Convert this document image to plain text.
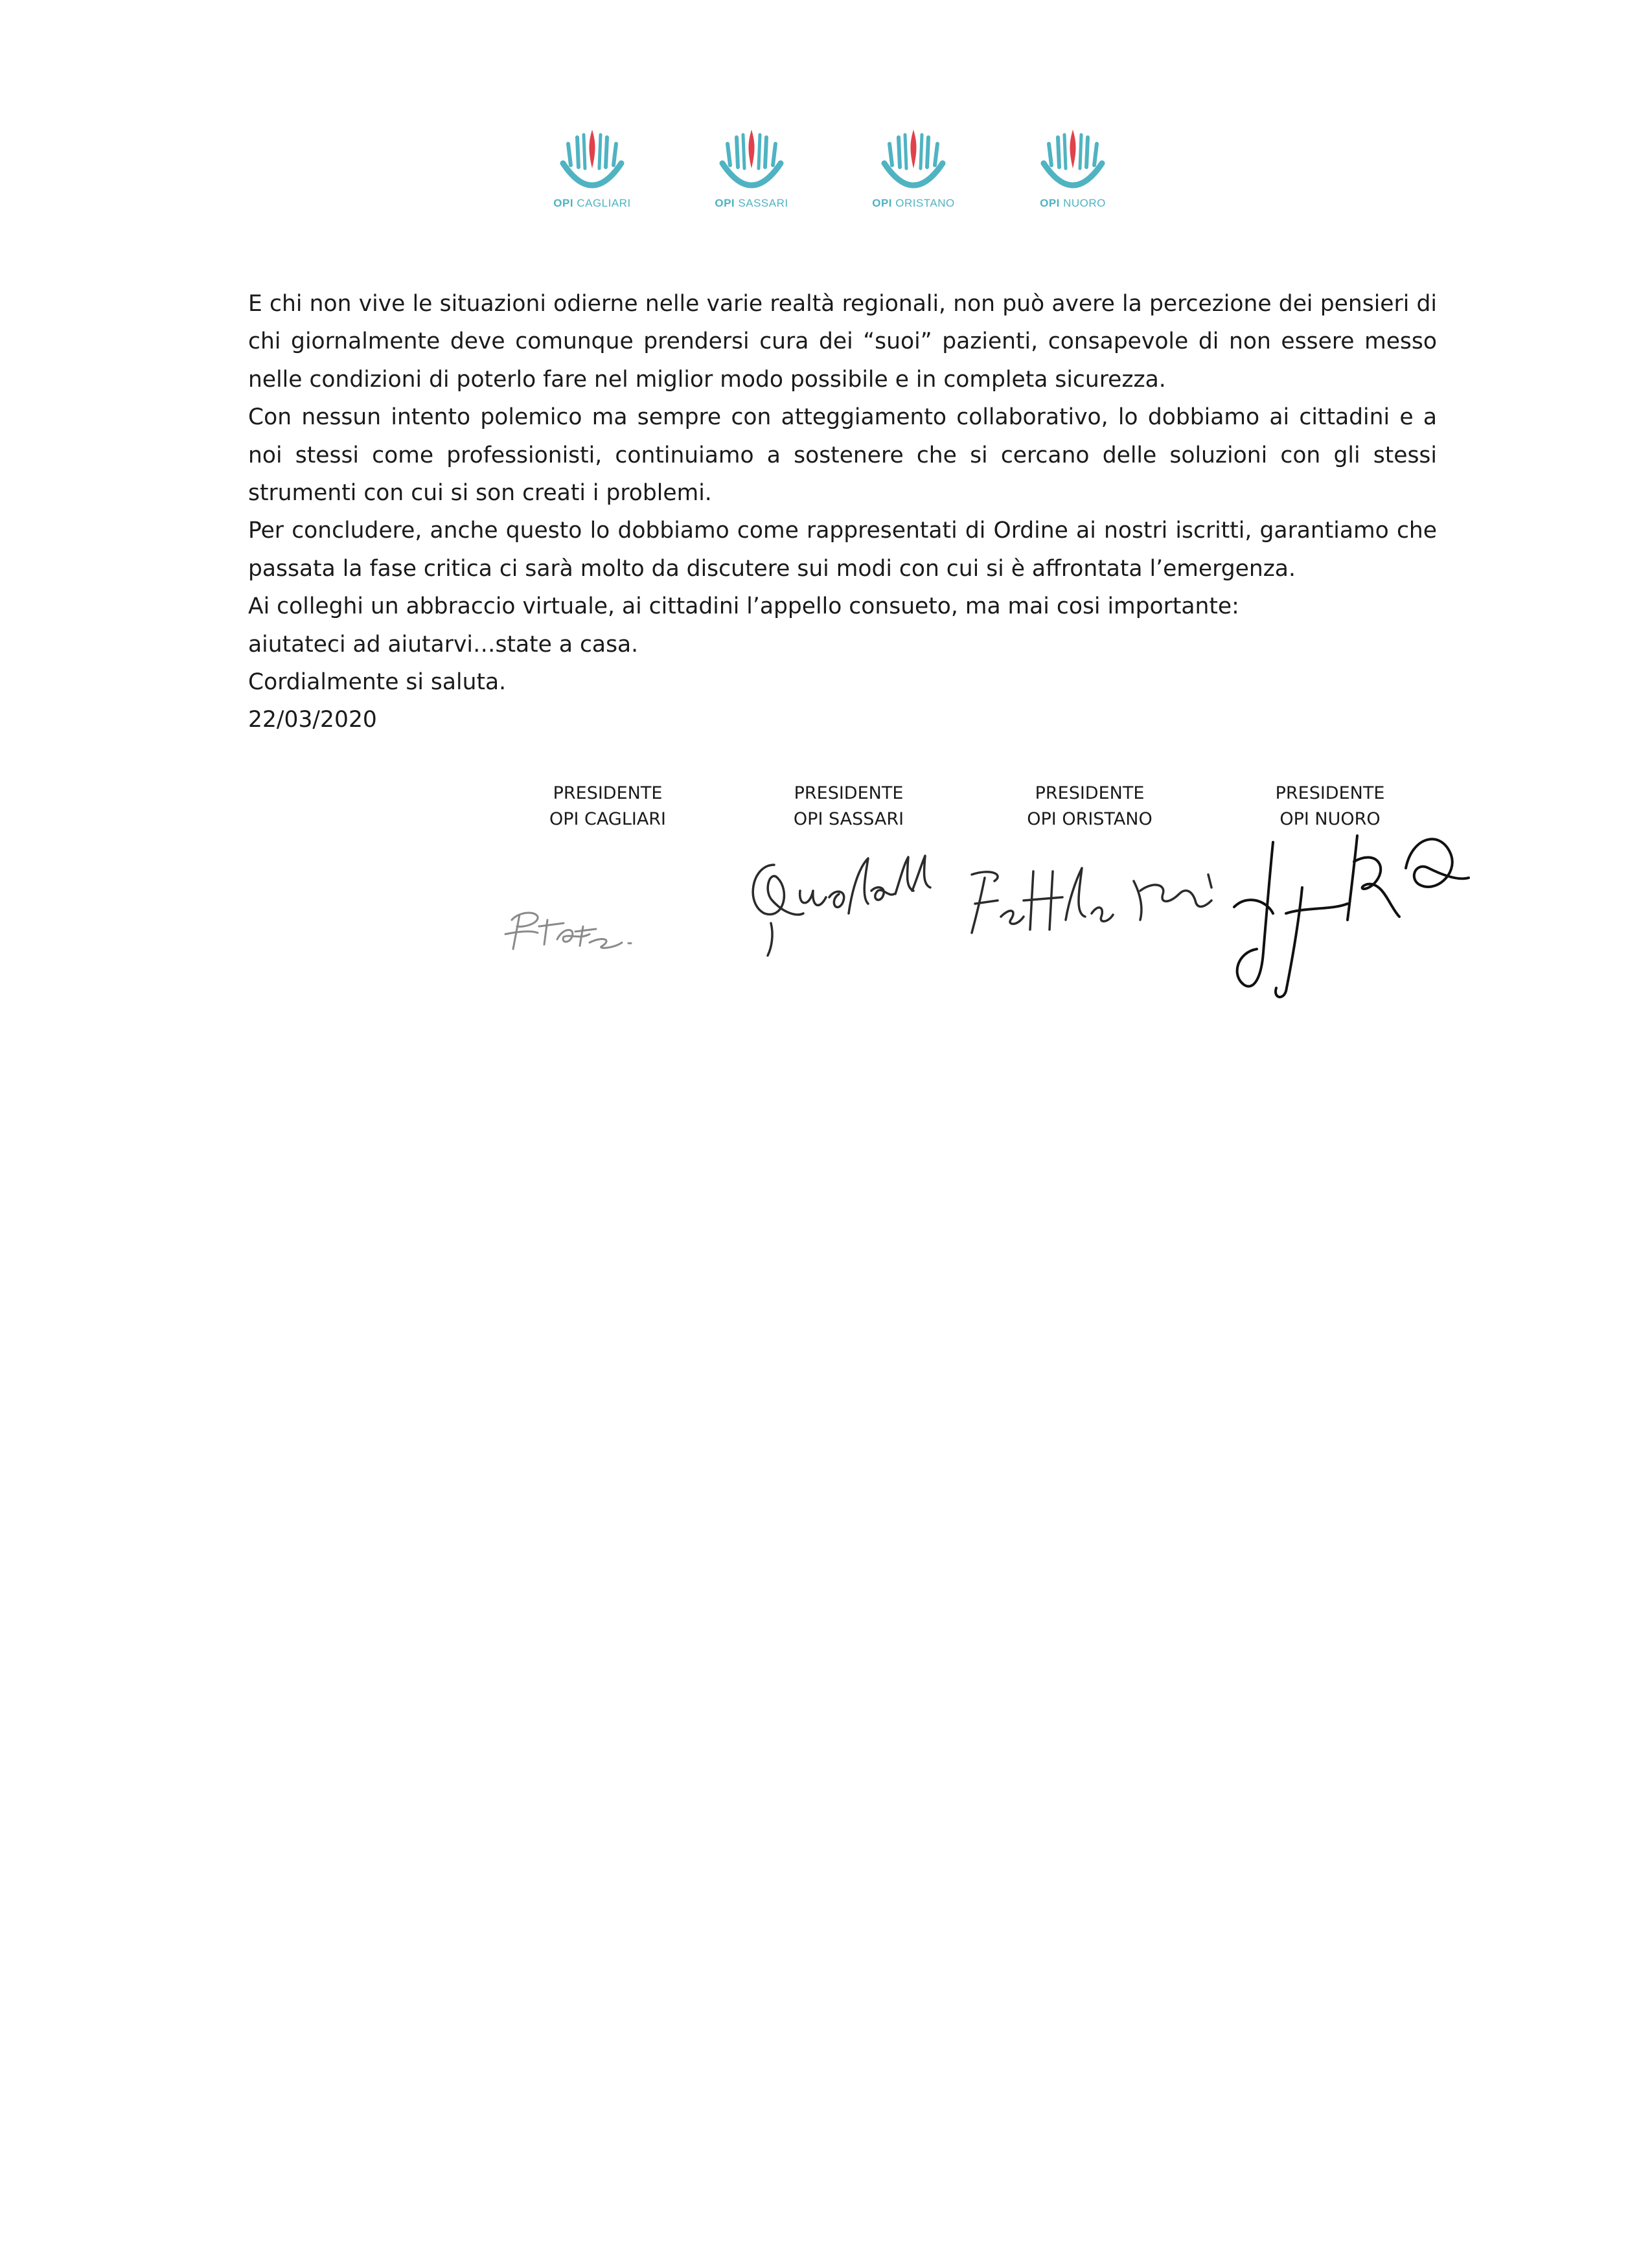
OPI CAGLIARI	OPI SASSARI	OPI ORISTANO	OPI NUORO

E chi non vive le situazioni odierne nelle varie realtà regionali, non può avere la percezione dei pensieri di chi giornalmente deve comunque prendersi cura dei “suoi” pazienti, consapevole di non essere messo nelle condizioni di poterlo fare nel miglior modo possibile e in completa sicurezza.

Con nessun intento polemico ma sempre con atteggiamento collaborativo, lo dobbiamo ai cittadini e a noi stessi come professionisti, continuiamo a sostenere che si cercano delle soluzioni con gli stessi strumenti con cui si son creati i problemi.

Per concludere, anche questo lo dobbiamo come rappresentati di Ordine ai nostri iscritti, garantiamo che passata la fase critica ci sarà molto da discutere sui modi con cui si è affrontata l’emergenza.

Ai colleghi un abbraccio virtuale, ai cittadini l’appello consueto, ma mai cosi importante:

aiutateci ad aiutarvi…state a casa.

Cordialmente si saluta.

22/03/2020

PRESIDENTE
OPI CAGLIARI
PRESIDENTE
OPI SASSARI
PRESIDENTE
OPI ORISTANO
PRESIDENTE
OPI NUORO
